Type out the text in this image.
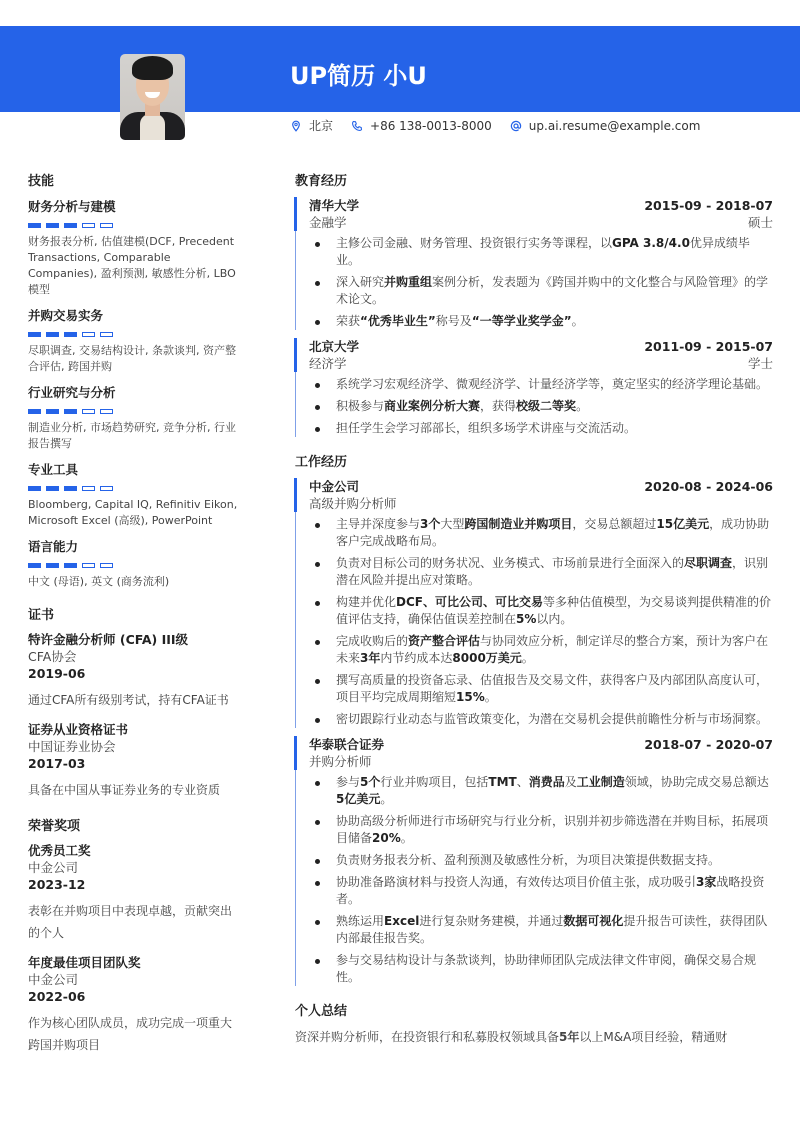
UP简历 小U
北京	+86 138-0013-8000	up.ai.resume@example.com
技能
财务分析与建模
财务报表分析, 估值建模(DCF, Precedent Transactions, Comparable Companies), 盈利预测, 敏感性分析, LBO模型
并购交易实务
尽职调查, 交易结构设计, 条款谈判, 资产整合评估, 跨国并购
行业研究与分析
制造业分析, 市场趋势研究, 竞争分析, 行业报告撰写
专业工具
Bloomberg, Capital IQ, Refinitiv Eikon, Microsoft Excel (高级), PowerPoint
语言能力
中文 (母语), 英文 (商务流利)
证书
特许金融分析师 (CFA) III级
CFA协会
2019-06
通过CFA所有级别考试，持有CFA证书
证券从业资格证书
中国证券业协会
2017-03
具备在中国从事证券业务的专业资质
荣誉奖项
优秀员工奖
中金公司
2023-12
表彰在并购项目中表现卓越，贡献突出的个人
年度最佳项目团队奖
中金公司
2022-06
作为核心团队成员，成功完成一项重大跨国并购项目
教育经历
清华大学	2015-09 - 2018-07
金融学	硕士
主修公司金融、财务管理、投资银行实务等课程，以GPA 3.8/4.0优异成绩毕业。
深入研究并购重组案例分析，发表题为《跨国并购中的文化整合与风险管理》的学术论文。
荣获“优秀毕业生”称号及“一等学业奖学金”。
北京大学	2011-09 - 2015-07
经济学	学士
系统学习宏观经济学、微观经济学、计量经济学等，奠定坚实的经济学理论基础。
积极参与商业案例分析大赛，获得校级二等奖。
担任学生会学习部部长，组织多场学术讲座与交流活动。
工作经历
中金公司	2020-08 - 2024-06
高级并购分析师
主导并深度参与3个大型跨国制造业并购项目，交易总额超过15亿美元，成功协助客户完成战略布局。
负责对目标公司的财务状况、业务模式、市场前景进行全面深入的尽职调查，识别潜在风险并提出应对策略。
构建并优化DCF、可比公司、可比交易等多种估值模型，为交易谈判提供精准的价值评估支持，确保估值误差控制在5%以内。
完成收购后的资产整合评估与协同效应分析，制定详尽的整合方案，预计为客户在未来3年内节约成本达8000万美元。
撰写高质量的投资备忘录、估值报告及交易文件，获得客户及内部团队高度认可，项目平均完成周期缩短15%。
密切跟踪行业动态与监管政策变化，为潜在交易机会提供前瞻性分析与市场洞察。
华泰联合证券	2018-07 - 2020-07
并购分析师
参与5个行业并购项目，包括TMT、消费品及工业制造领域，协助完成交易总额达5亿美元。
协助高级分析师进行市场研究与行业分析，识别并初步筛选潜在并购目标，拓展项目储备20%。
负责财务报表分析、盈利预测及敏感性分析，为项目决策提供数据支持。
协助准备路演材料与投资人沟通，有效传达项目价值主张，成功吸引3家战略投资者。
熟练运用Excel进行复杂财务建模，并通过数据可视化提升报告可读性，获得团队内部最佳报告奖。
参与交易结构设计与条款谈判，协助律师团队完成法律文件审阅，确保交易合规性。
个人总结
资深并购分析师，在投资银行和私募股权领域具备5年以上M&A项目经验，精通财
